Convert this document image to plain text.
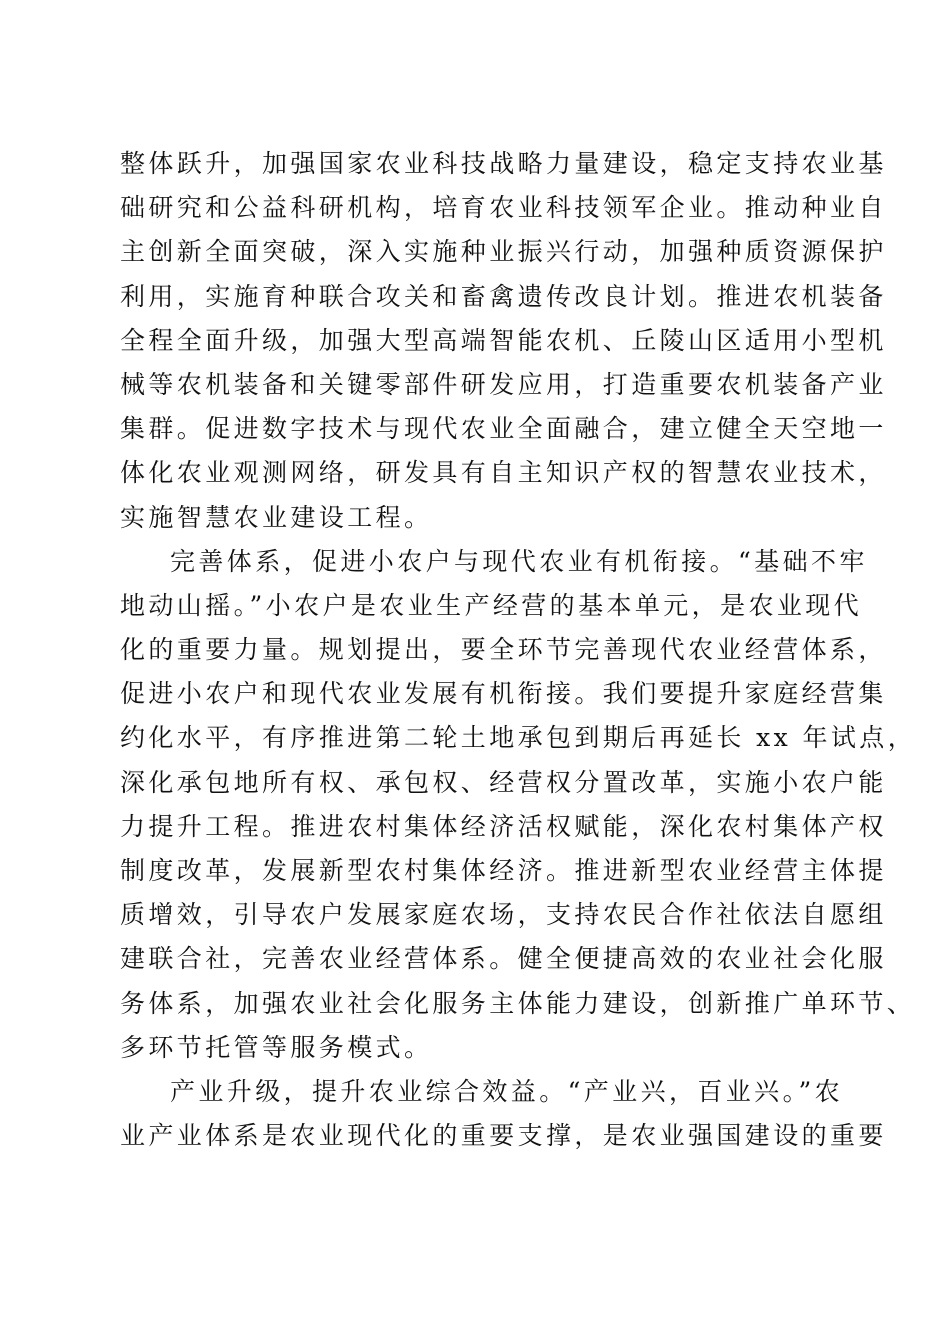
整体跃升，加强国家农业科技战略力量建设，稳定支持农业基
础研究和公益科研机构，培育农业科技领军企业。推动种业自
主创新全面突破，深入实施种业振兴行动，加强种质资源保护
利用，实施育种联合攻关和畜禽遗传改良计划。推进农机装备
全程全面升级，加强大型高端智能农机、丘陵山区适用小型机
械等农机装备和关键零部件研发应用，打造重要农机装备产业
集群。促进数字技术与现代农业全面融合，建立健全天空地一
体化农业观测网络，研发具有自主知识产权的智慧农业技术，
实施智慧农业建设工程。
完善体系，促进小农户与现代农业有机衔接。“基础不牢
地动山摇。”小农户是农业生产经营的基本单元，是农业现代
化的重要力量。规划提出，要全环节完善现代农业经营体系，
促进小农户和现代农业发展有机衔接。我们要提升家庭经营集
约化水平，有序推进第二轮土地承包到期后再延长 xx 年试点，
深化承包地所有权、承包权、经营权分置改革，实施小农户能
力提升工程。推进农村集体经济活权赋能，深化农村集体产权
制度改革，发展新型农村集体经济。推进新型农业经营主体提
质增效，引导农户发展家庭农场，支持农民合作社依法自愿组
建联合社，完善农业经营体系。健全便捷高效的农业社会化服
务体系，加强农业社会化服务主体能力建设，创新推广单环节、
多环节托管等服务模式。
产业升级，提升农业综合效益。“产业兴，百业兴。”农
业产业体系是农业现代化的重要支撑，是农业强国建设的重要
